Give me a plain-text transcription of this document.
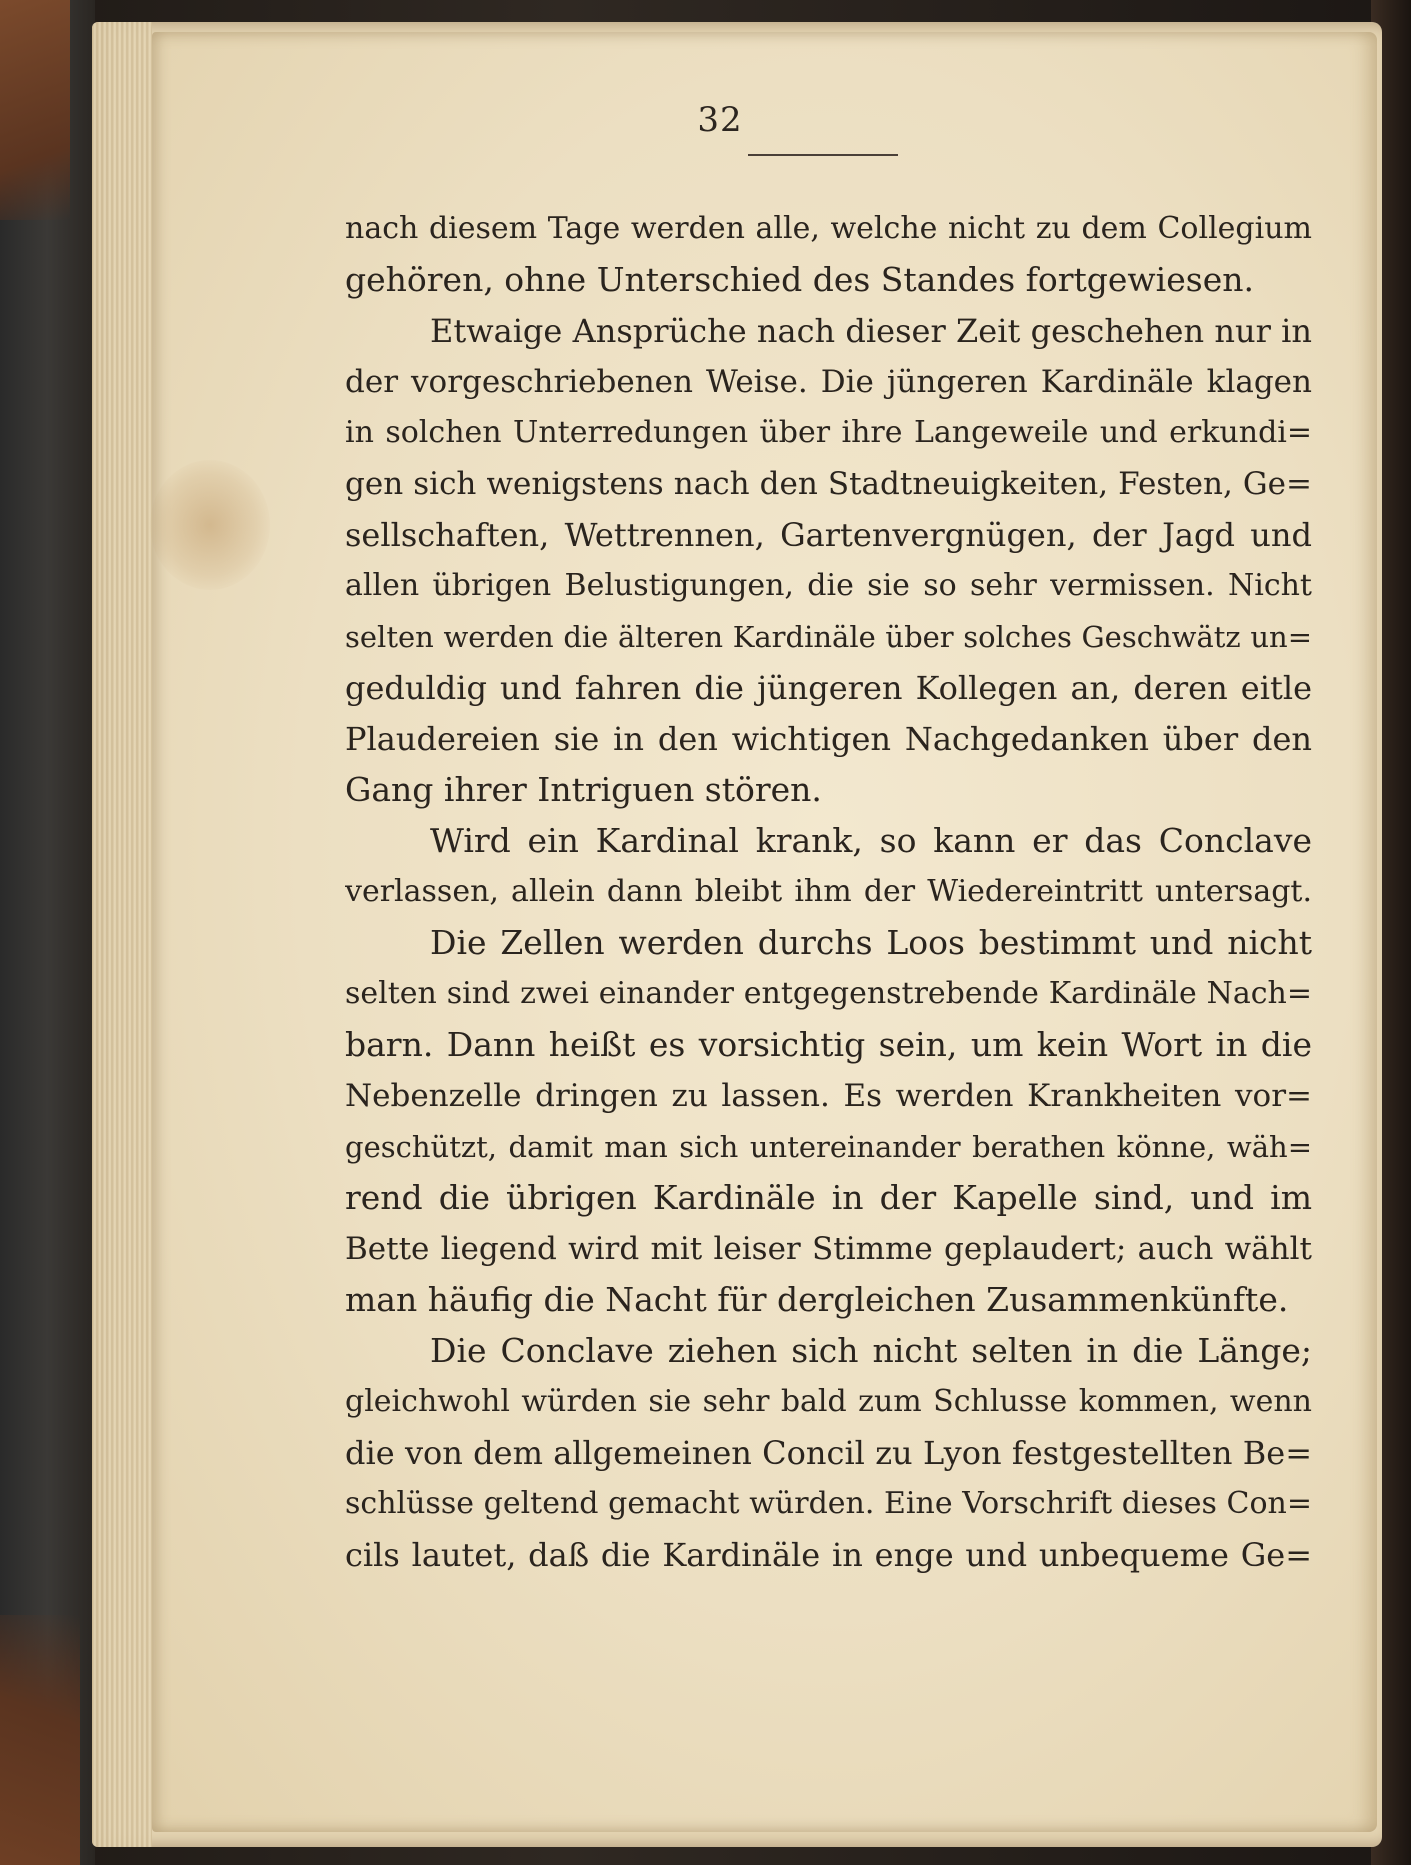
32
nach diesem Tage werden alle, welche nicht zu dem Collegium
gehören, ohne Unterschied des Standes fortgewiesen.
Etwaige Ansprüche nach dieser Zeit geschehen nur in
der vorgeschriebenen Weise. Die jüngeren Kardinäle klagen
in solchen Unterredungen über ihre Langeweile und erkundi=
gen sich wenigstens nach den Stadtneuigkeiten, Festen, Ge=
sellschaften, Wettrennen, Gartenvergnügen, der Jagd und
allen übrigen Belustigungen, die sie so sehr vermissen. Nicht
selten werden die älteren Kardinäle über solches Geschwätz un=
geduldig und fahren die jüngeren Kollegen an, deren eitle
Plaudereien sie in den wichtigen Nachgedanken über den
Gang ihrer Intriguen stören.
Wird ein Kardinal krank, so kann er das Conclave
verlassen, allein dann bleibt ihm der Wiedereintritt untersagt.
Die Zellen werden durchs Loos bestimmt und nicht
selten sind zwei einander entgegenstrebende Kardinäle Nach=
barn. Dann heißt es vorsichtig sein, um kein Wort in die
Nebenzelle dringen zu lassen. Es werden Krankheiten vor=
geschützt, damit man sich untereinander berathen könne, wäh=
rend die übrigen Kardinäle in der Kapelle sind, und im
Bette liegend wird mit leiser Stimme geplaudert; auch wählt
man häufig die Nacht für dergleichen Zusammenkünfte.
Die Conclave ziehen sich nicht selten in die Länge;
gleichwohl würden sie sehr bald zum Schlusse kommen, wenn
die von dem allgemeinen Concil zu Lyon festgestellten Be=
schlüsse geltend gemacht würden. Eine Vorschrift dieses Con=
cils lautet, daß die Kardinäle in enge und unbequeme Ge=
